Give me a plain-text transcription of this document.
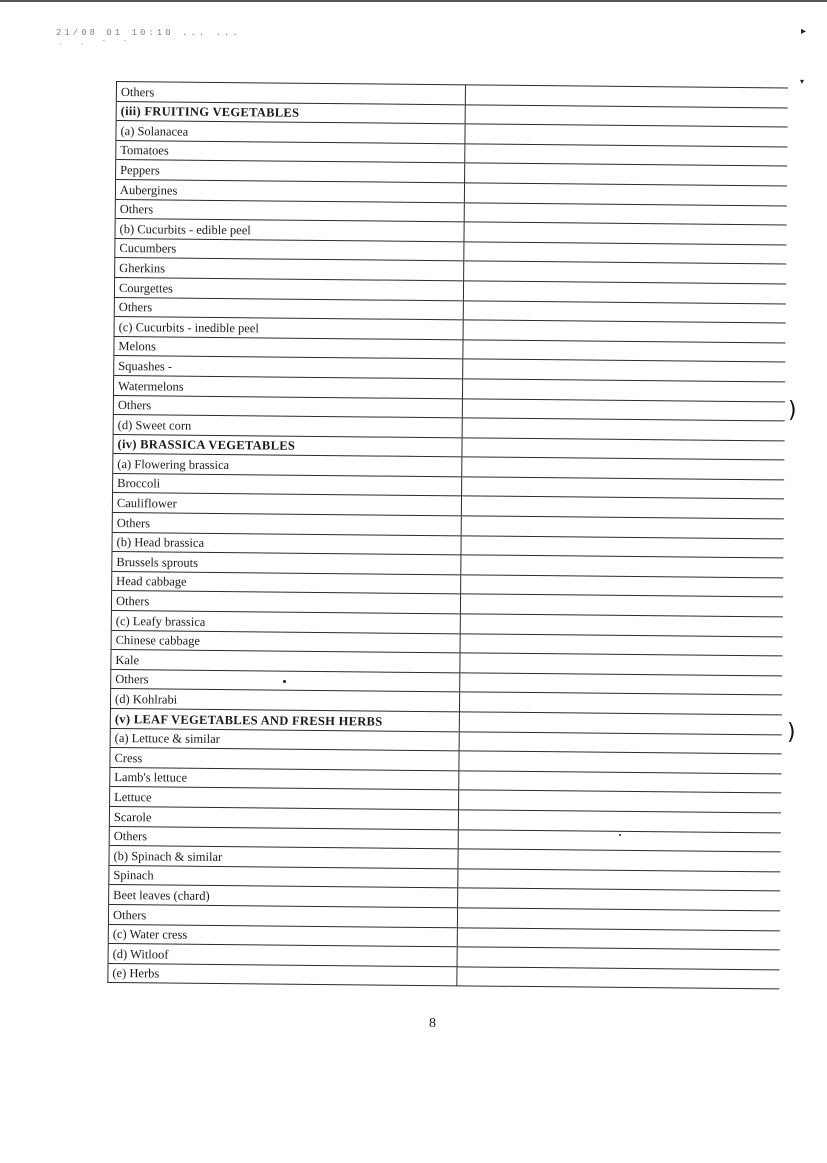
21/08 01 10:10 ... ...
· · ˇ ˇ
▸
▾
Others	
(iii) FRUITING VEGETABLES	
(a) Solanacea	
Tomatoes	
Peppers	
Aubergines	
Others	
(b) Cucurbits - edible peel	
Cucumbers	
Gherkins	
Courgettes	
Others	
(c) Cucurbits - inedible peel	
Melons	
Squashes -	
Watermelons	
Others	
(d) Sweet corn	
(iv) BRASSICA VEGETABLES	
(a) Flowering brassica	
Broccoli	
Cauliflower	
Others	
(b) Head brassica	
Brussels sprouts	
Head cabbage	
Others	
(c) Leafy brassica	
Chinese cabbage	
Kale	
Others	
(d) Kohlrabi	
(v) LEAF VEGETABLES AND FRESH HERBS	
(a) Lettuce & similar	
Cress	
Lamb's lettuce	
Lettuce	
Scarole	
Others	
(b) Spinach & similar	
Spinach	
Beet leaves (chard)	
Others	
(c) Water cress	
(d) Witloof	
(e) Herbs	
)
)
8
